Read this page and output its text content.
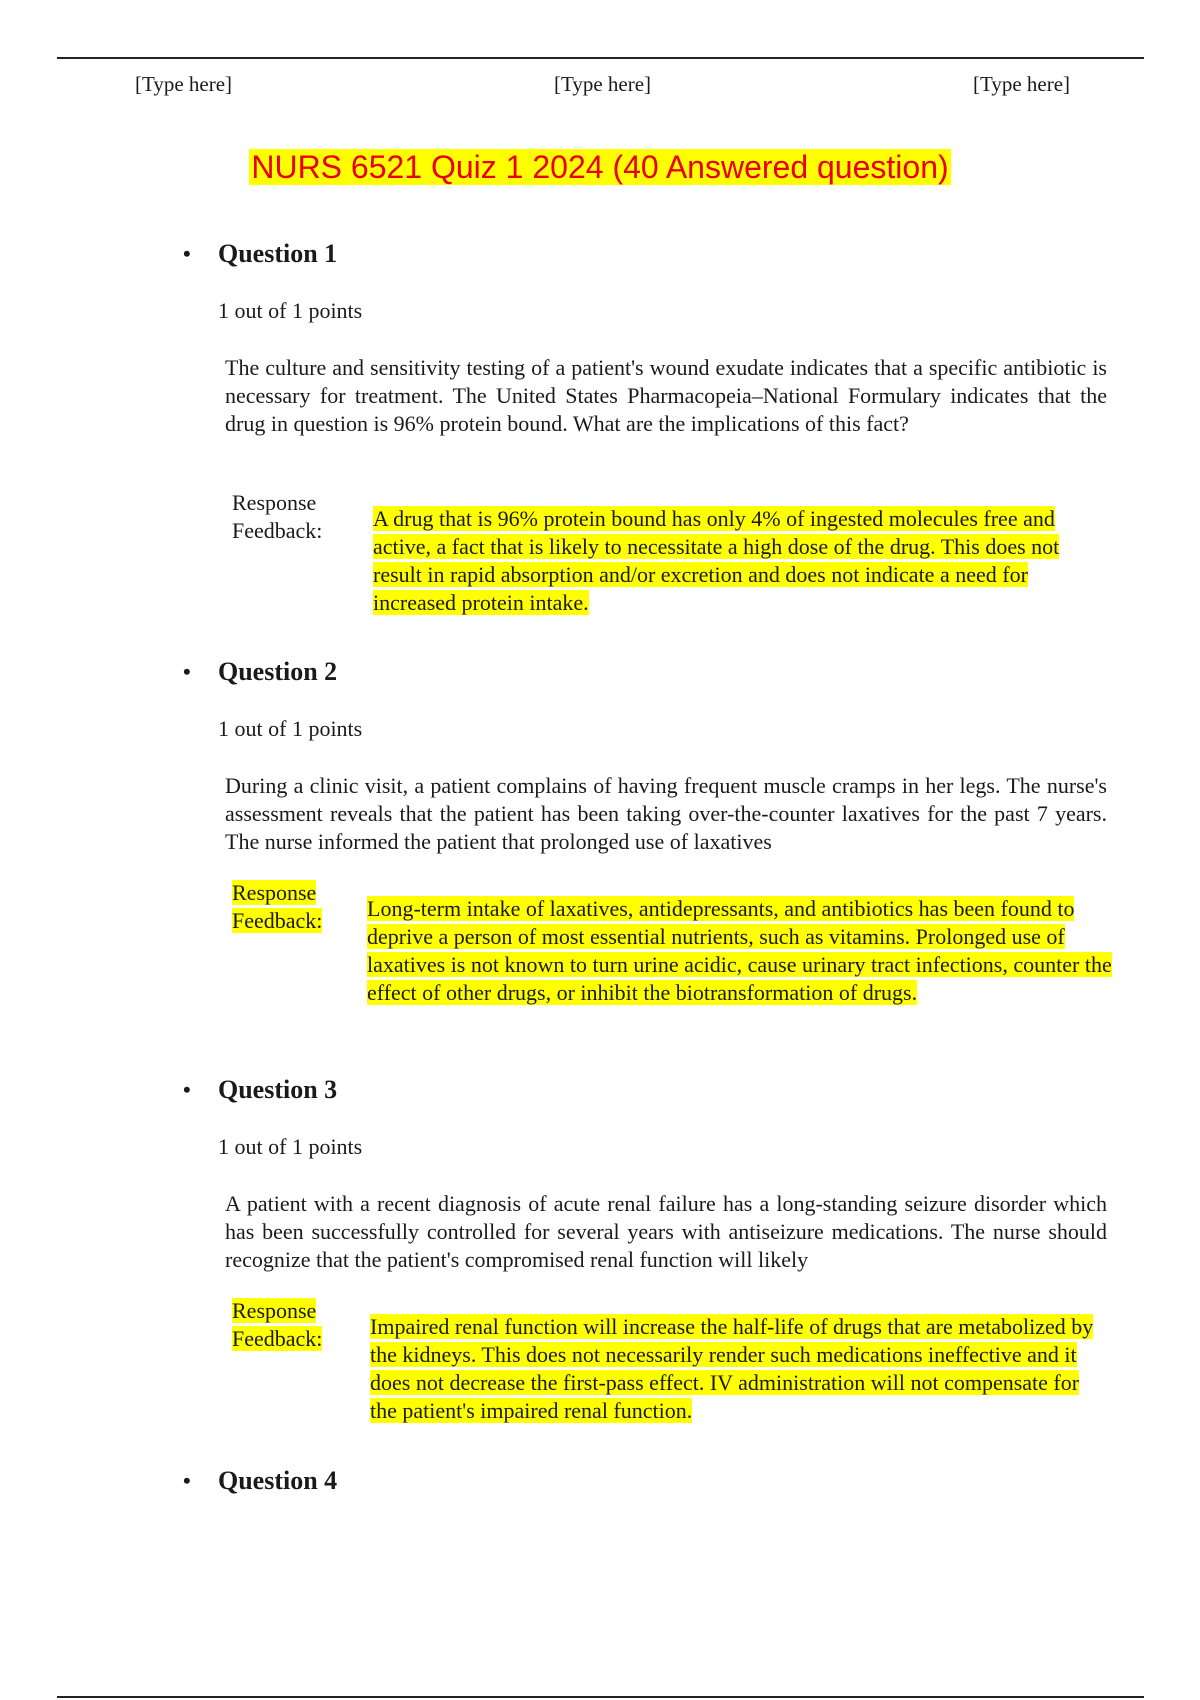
[Type here]	[Type here]	[Type here]
NURS 6521 Quiz 1 2024 (40 Answered question)
• Question 1
1 out of 1 points
The culture and sensitivity testing of a patient's wound exudate indicates that a specific antibiotic is necessary for treatment. The United States Pharmacopeia–National Formulary indicates that the drug in question is 96% protein bound. What are the implications of this fact?
Response
Feedback:	A drug that is 96% protein bound has only 4% of ingested molecules free and active, a fact that is likely to necessitate a high dose of the drug. This does not result in rapid absorption and/or excretion and does not indicate a need for increased protein intake.
• Question 2
1 out of 1 points
During a clinic visit, a patient complains of having frequent muscle cramps in her legs. The nurse's assessment reveals that the patient has been taking over-the-counter laxatives for the past 7 years. The nurse informed the patient that prolonged use of laxatives
Response
Feedback:	Long-term intake of laxatives, antidepressants, and antibiotics has been found to deprive a person of most essential nutrients, such as vitamins. Prolonged use of laxatives is not known to turn urine acidic, cause urinary tract infections, counter the effect of other drugs, or inhibit the biotransformation of drugs.
• Question 3
1 out of 1 points
A patient with a recent diagnosis of acute renal failure has a long-standing seizure disorder which has been successfully controlled for several years with antiseizure medications. The nurse should recognize that the patient's compromised renal function will likely
Response
Feedback:	Impaired renal function will increase the half-life of drugs that are metabolized by the kidneys. This does not necessarily render such medications ineffective and it does not decrease the first-pass effect. IV administration will not compensate for the patient's impaired renal function.
• Question 4
